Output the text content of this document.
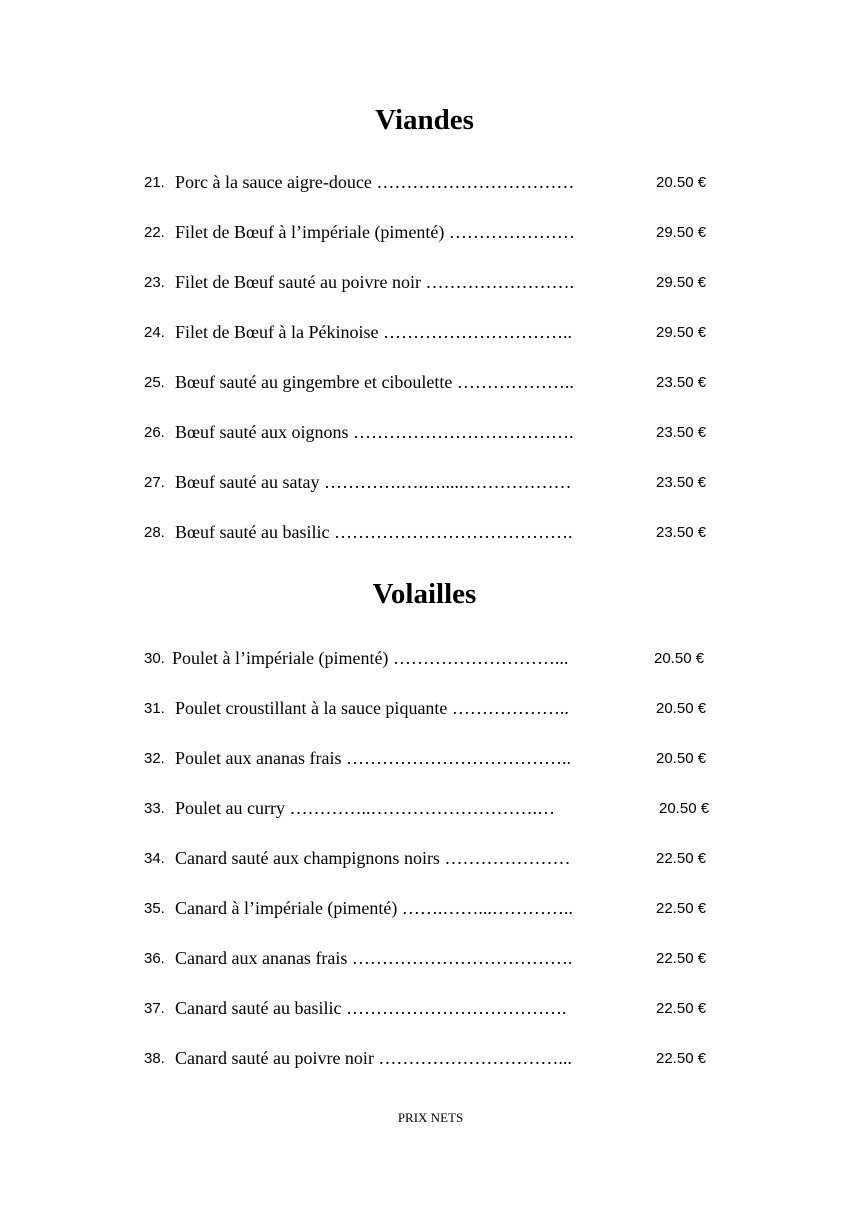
Viandes
21. Porc à la sauce aigre-douce ……………………………	20.50 €
22. Filet de Bœuf à l’impériale (pimenté) …………………	29.50 €
23. Filet de Bœuf sauté au poivre noir …………………….	29.50 €
24. Filet de Bœuf à la Pékinoise …………………………..	29.50 €
25. Bœuf sauté au gingembre et ciboulette ………………..	23.50 €
26. Bœuf sauté aux oignons ……………………………….	23.50 €
27. Bœuf sauté au satay ………….….….....………………	23.50 €
28. Bœuf sauté au basilic ………………………………….	23.50 €
Volailles
30. Poulet à l’impériale (pimenté) ………………………...	20.50 €
31. Poulet croustillant à la sauce piquante ………………..	20.50 €
32. Poulet aux ananas frais ………………………………..	20.50 €
33. Poulet au curry …………..……………………….…	20.50 €
34. Canard sauté aux champignons noirs …………………	22.50 €
35. Canard à l’impériale (pimenté) …….……...…………..	22.50 €
36. Canard aux ananas frais ……………………………….	22.50 €
37. Canard sauté au basilic ……………………………….	22.50 €
38. Canard sauté au poivre noir …………………………...	22.50 €

PRIX NETS
